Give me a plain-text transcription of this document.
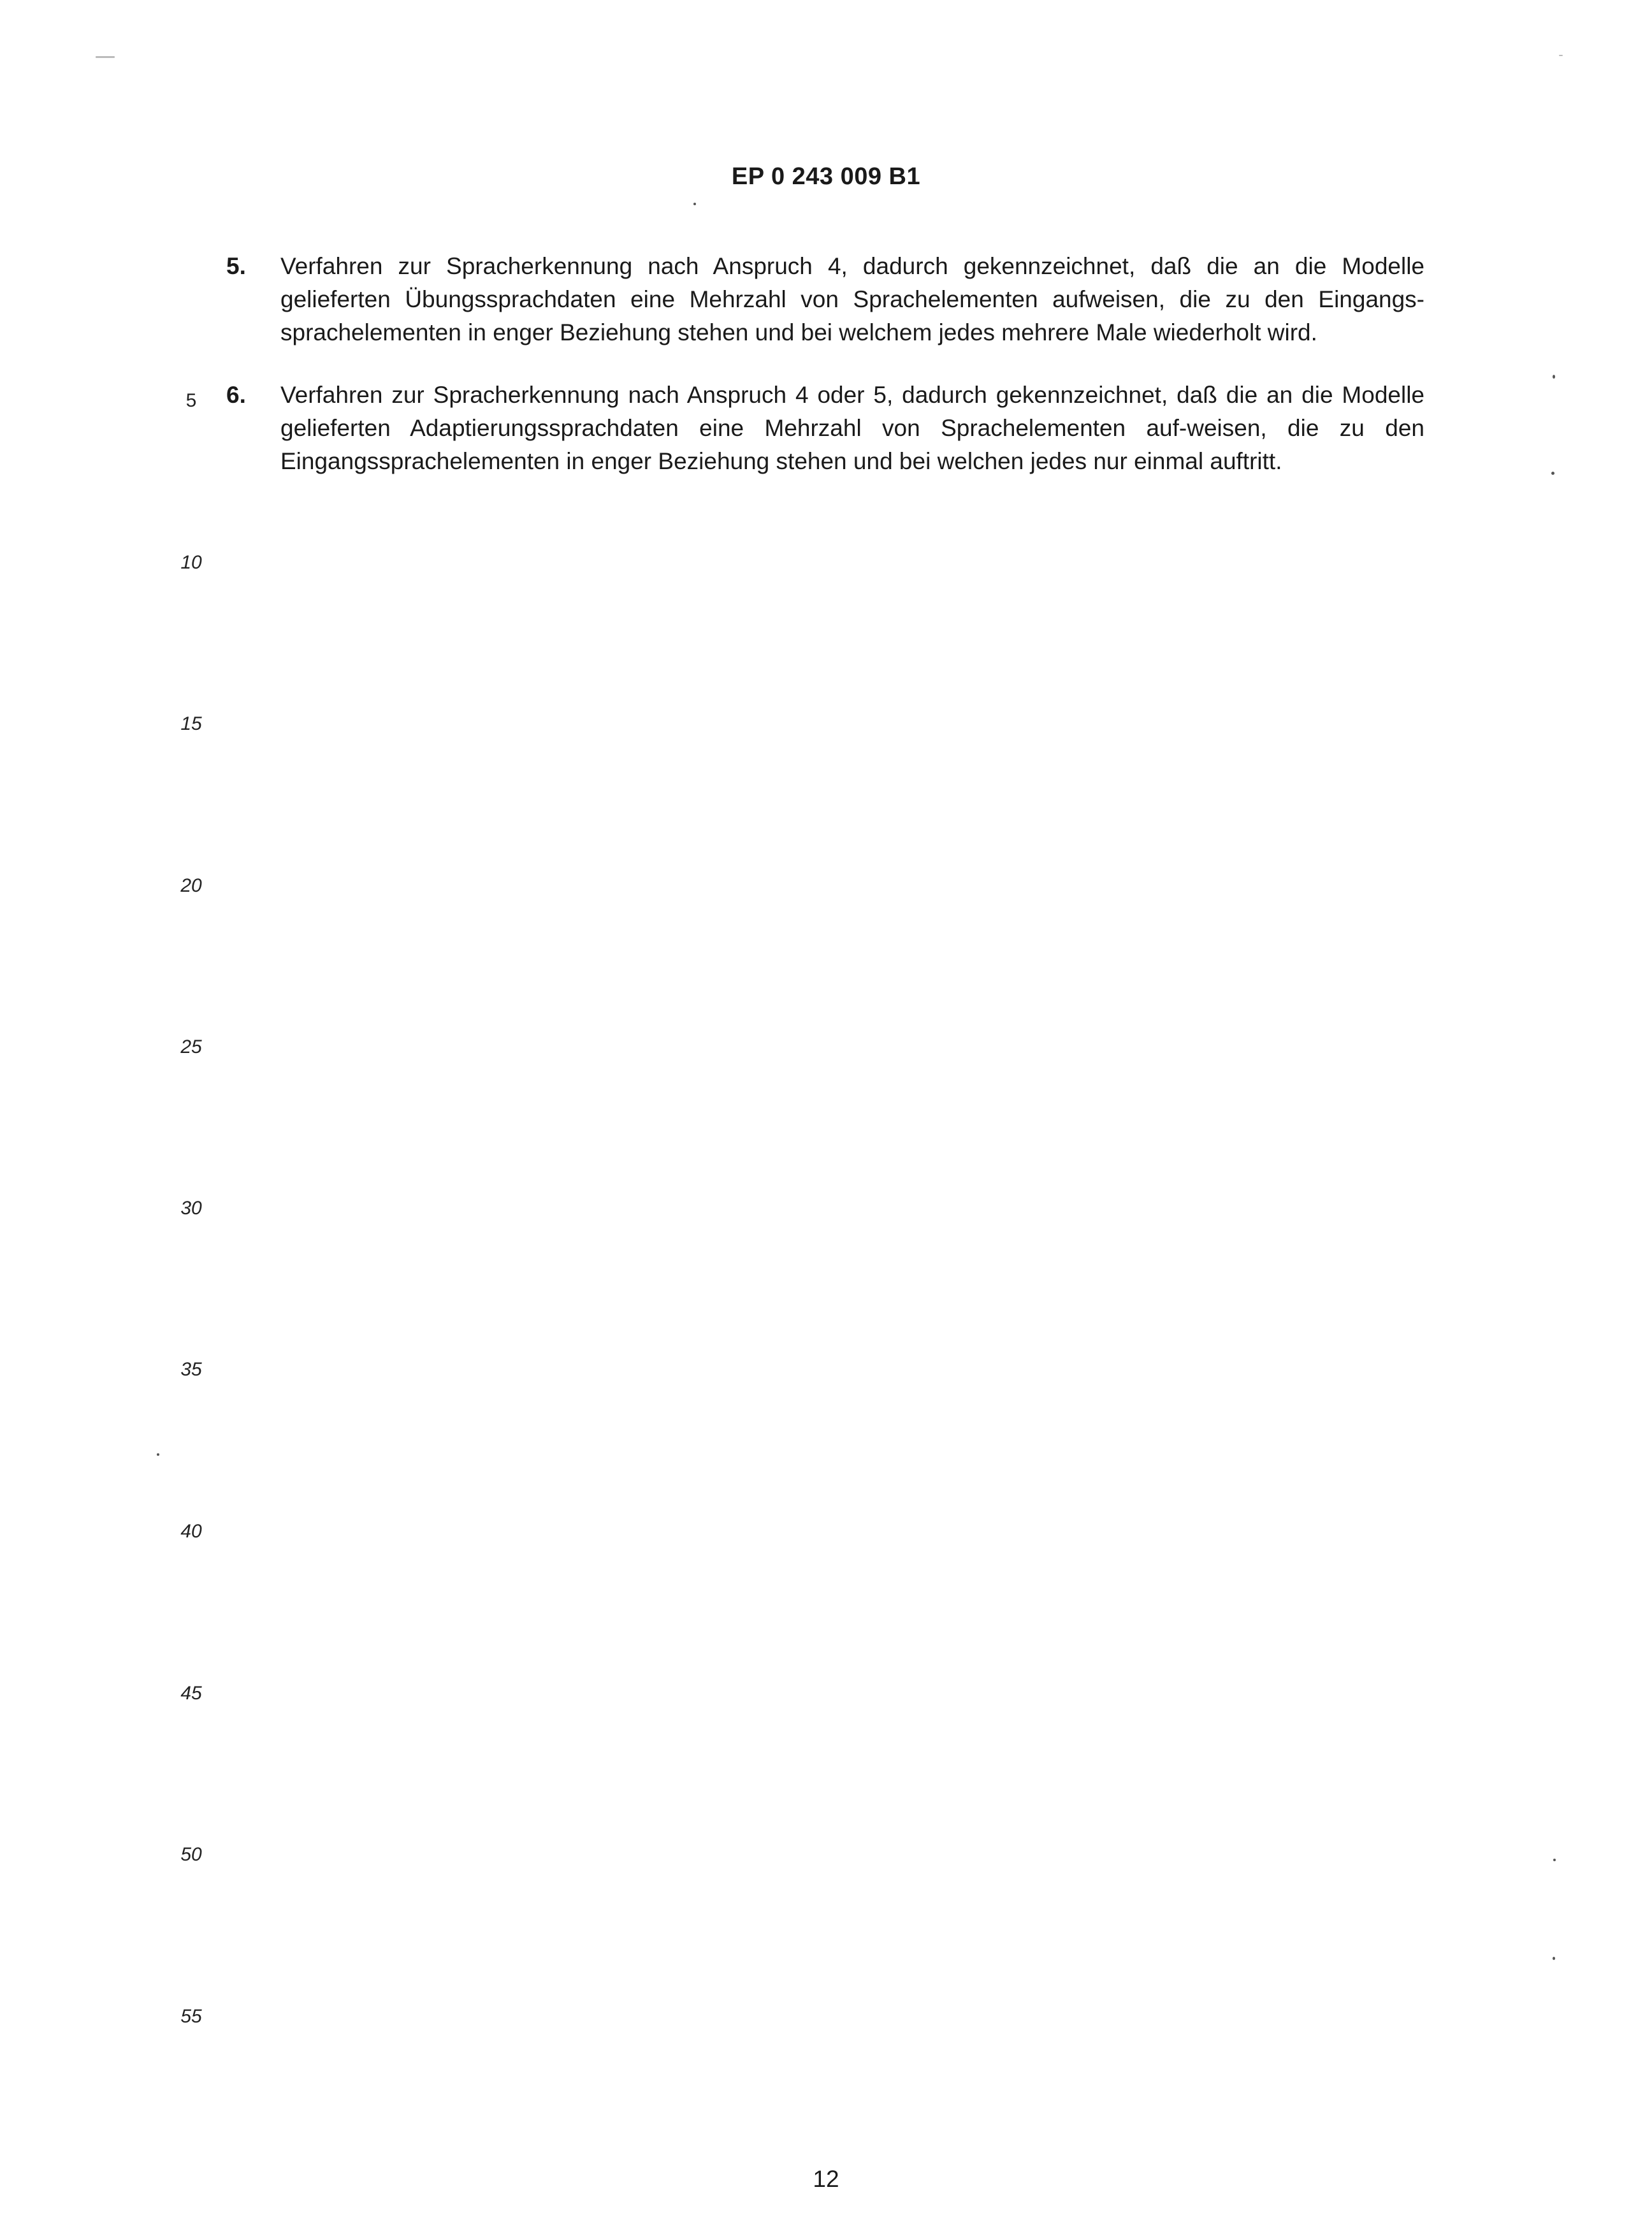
EP 0 243 009 B1
5.	Verfahren zur Spracherkennung nach Anspruch 4, dadurch gekennzeichnet, daß die an die Modelle gelieferten Übungssprachdaten eine Mehrzahl von Sprachelementen aufweisen, die zu den Eingangs-sprachelementen in enger Beziehung stehen und bei welchem jedes mehrere Male wiederholt wird.
6.	Verfahren zur Spracherkennung nach Anspruch 4 oder 5, dadurch gekennzeichnet, daß die an die Modelle gelieferten Adaptierungssprachdaten eine Mehrzahl von Sprachelementen auf-weisen, die zu den Eingangssprachelementen in enger Beziehung stehen und bei welchen jedes nur einmal auftritt.
5
10
15
20
25
30
35
40
45
50
55
12
